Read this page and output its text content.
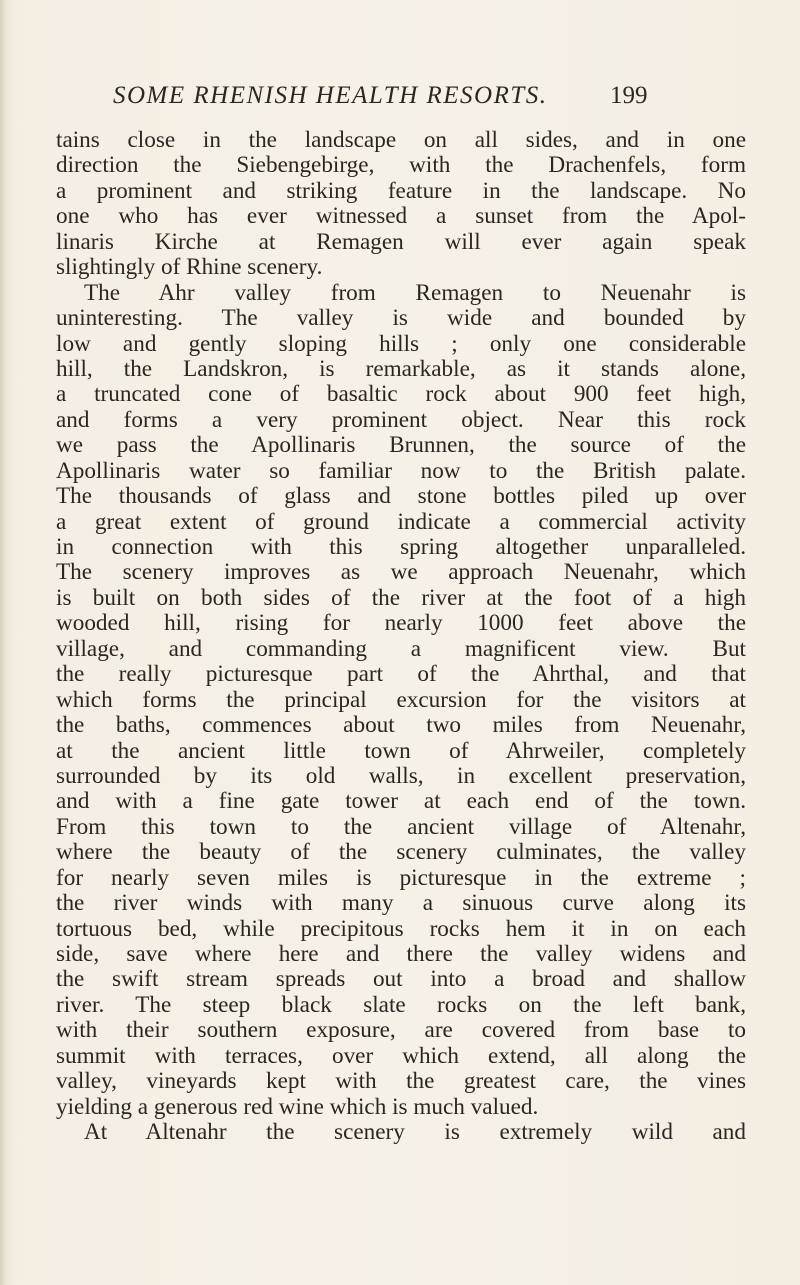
SOME RHENISH HEALTH RESORTS. 199
tains close in the landscape on all sides, and in one
direction the Siebengebirge, with the Drachenfels, form
a prominent and striking feature in the landscape. No
one who has ever witnessed a sunset from the Apol-
linaris Kirche at Remagen will ever again speak
slightingly of Rhine scenery.
The Ahr valley from Remagen to Neuenahr is
uninteresting. The valley is wide and bounded by
low and gently sloping hills ; only one considerable
hill, the Landskron, is remarkable, as it stands alone,
a truncated cone of basaltic rock about 900 feet high,
and forms a very prominent object. Near this rock
we pass the Apollinaris Brunnen, the source of the
Apollinaris water so familiar now to the British palate.
The thousands of glass and stone bottles piled up over
a great extent of ground indicate a commercial activity
in connection with this spring altogether unparalleled.
The scenery improves as we approach Neuenahr, which
is built on both sides of the river at the foot of a high
wooded hill, rising for nearly 1000 feet above the
village, and commanding a magnificent view. But
the really picturesque part of the Ahrthal, and that
which forms the principal excursion for the visitors at
the baths, commences about two miles from Neuenahr,
at the ancient little town of Ahrweiler, completely
surrounded by its old walls, in excellent preservation,
and with a fine gate tower at each end of the town.
From this town to the ancient village of Altenahr,
where the beauty of the scenery culminates, the valley
for nearly seven miles is picturesque in the extreme ;
the river winds with many a sinuous curve along its
tortuous bed, while precipitous rocks hem it in on each
side, save where here and there the valley widens and
the swift stream spreads out into a broad and shallow
river. The steep black slate rocks on the left bank,
with their southern exposure, are covered from base to
summit with terraces, over which extend, all along the
valley, vineyards kept with the greatest care, the vines
yielding a generous red wine which is much valued.
At Altenahr the scenery is extremely wild and
